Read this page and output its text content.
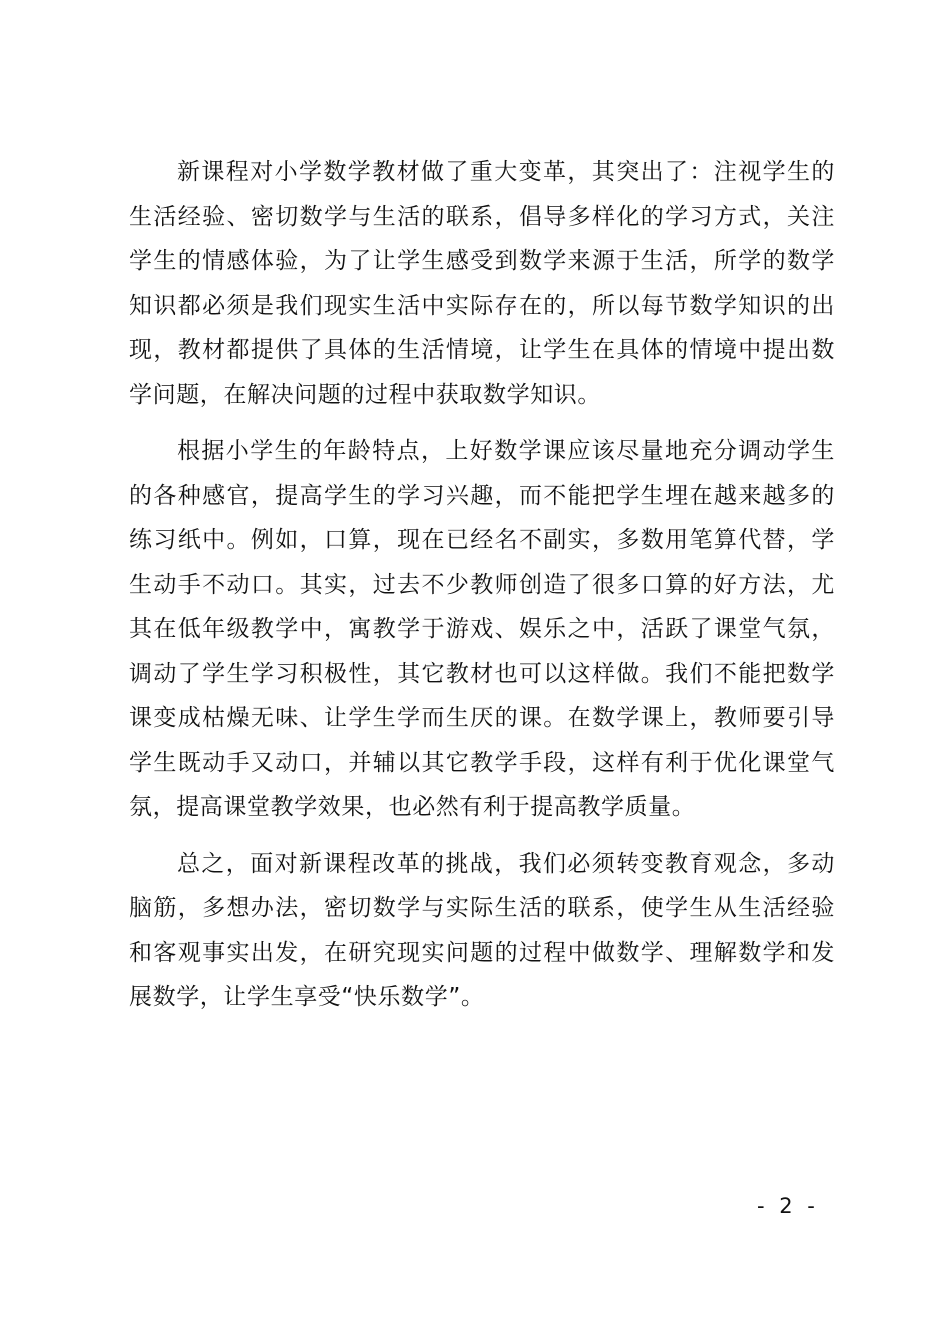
新课程对小学数学教材做了重大变革，其突出了：注视学生的生活经验、密切数学与生活的联系，倡导多样化的学习方式，关注学生的情感体验，为了让学生感受到数学来源于生活，所学的数学知识都必须是我们现实生活中实际存在的，所以每节数学知识的出现，教材都提供了具体的生活情境，让学生在具体的情境中提出数学问题，在解决问题的过程中获取数学知识。

根据小学生的年龄特点，上好数学课应该尽量地充分调动学生的各种感官，提高学生的学习兴趣，而不能把学生埋在越来越多的练习纸中。例如，口算，现在已经名不副实，多数用笔算代替，学生动手不动口。其实，过去不少教师创造了很多口算的好方法，尤其在低年级教学中，寓教学于游戏、娱乐之中，活跃了课堂气氛，调动了学生学习积极性，其它教材也可以这样做。我们不能把数学课变成枯燥无味、让学生学而生厌的课。在数学课上，教师要引导学生既动手又动口，并辅以其它教学手段，这样有利于优化课堂气氛，提高课堂教学效果，也必然有利于提高教学质量。

总之，面对新课程改革的挑战，我们必须转变教育观念，多动脑筋，多想办法，密切数学与实际生活的联系，使学生从生活经验和客观事实出发，在研究现实问题的过程中做数学、理解数学和发展数学，让学生享受“快乐数学”。

- 2 -
